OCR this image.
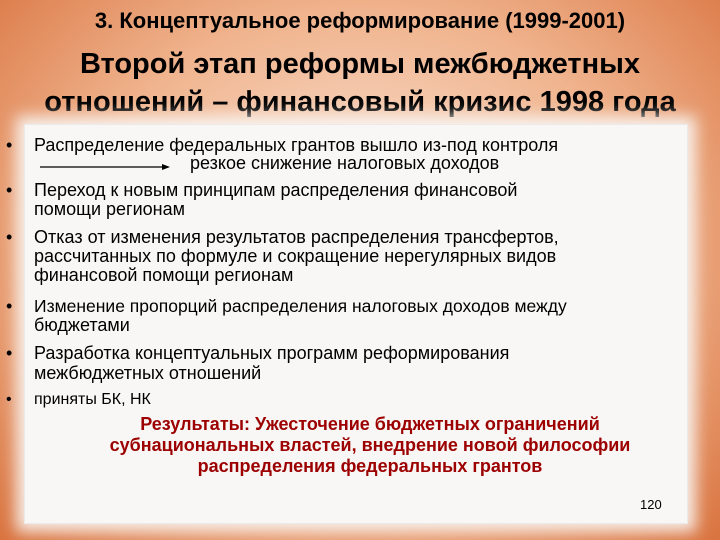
3. Концептуальное реформирование (1999-2001)
Второй этап реформы межбюджетных
отношений – финансовый кризис 1998 года
• Распределение федеральных грантов вышло из-под контроля
резкое снижение налоговых доходов
• Переход к новым принципам распределения финансовой
помощи регионам
• Отказ от изменения результатов распределения трансфертов,
рассчитанных по формуле и сокращение нерегулярных видов
финансовой помощи регионам
• Изменение пропорций распределения налоговых доходов между
бюджетами
• Разработка концептуальных программ реформирования
межбюджетных отношений
• приняты БК, НК
Результаты: Ужесточение бюджетных ограничений
субнациональных властей, внедрение новой философии
распределения федеральных грантов
120
